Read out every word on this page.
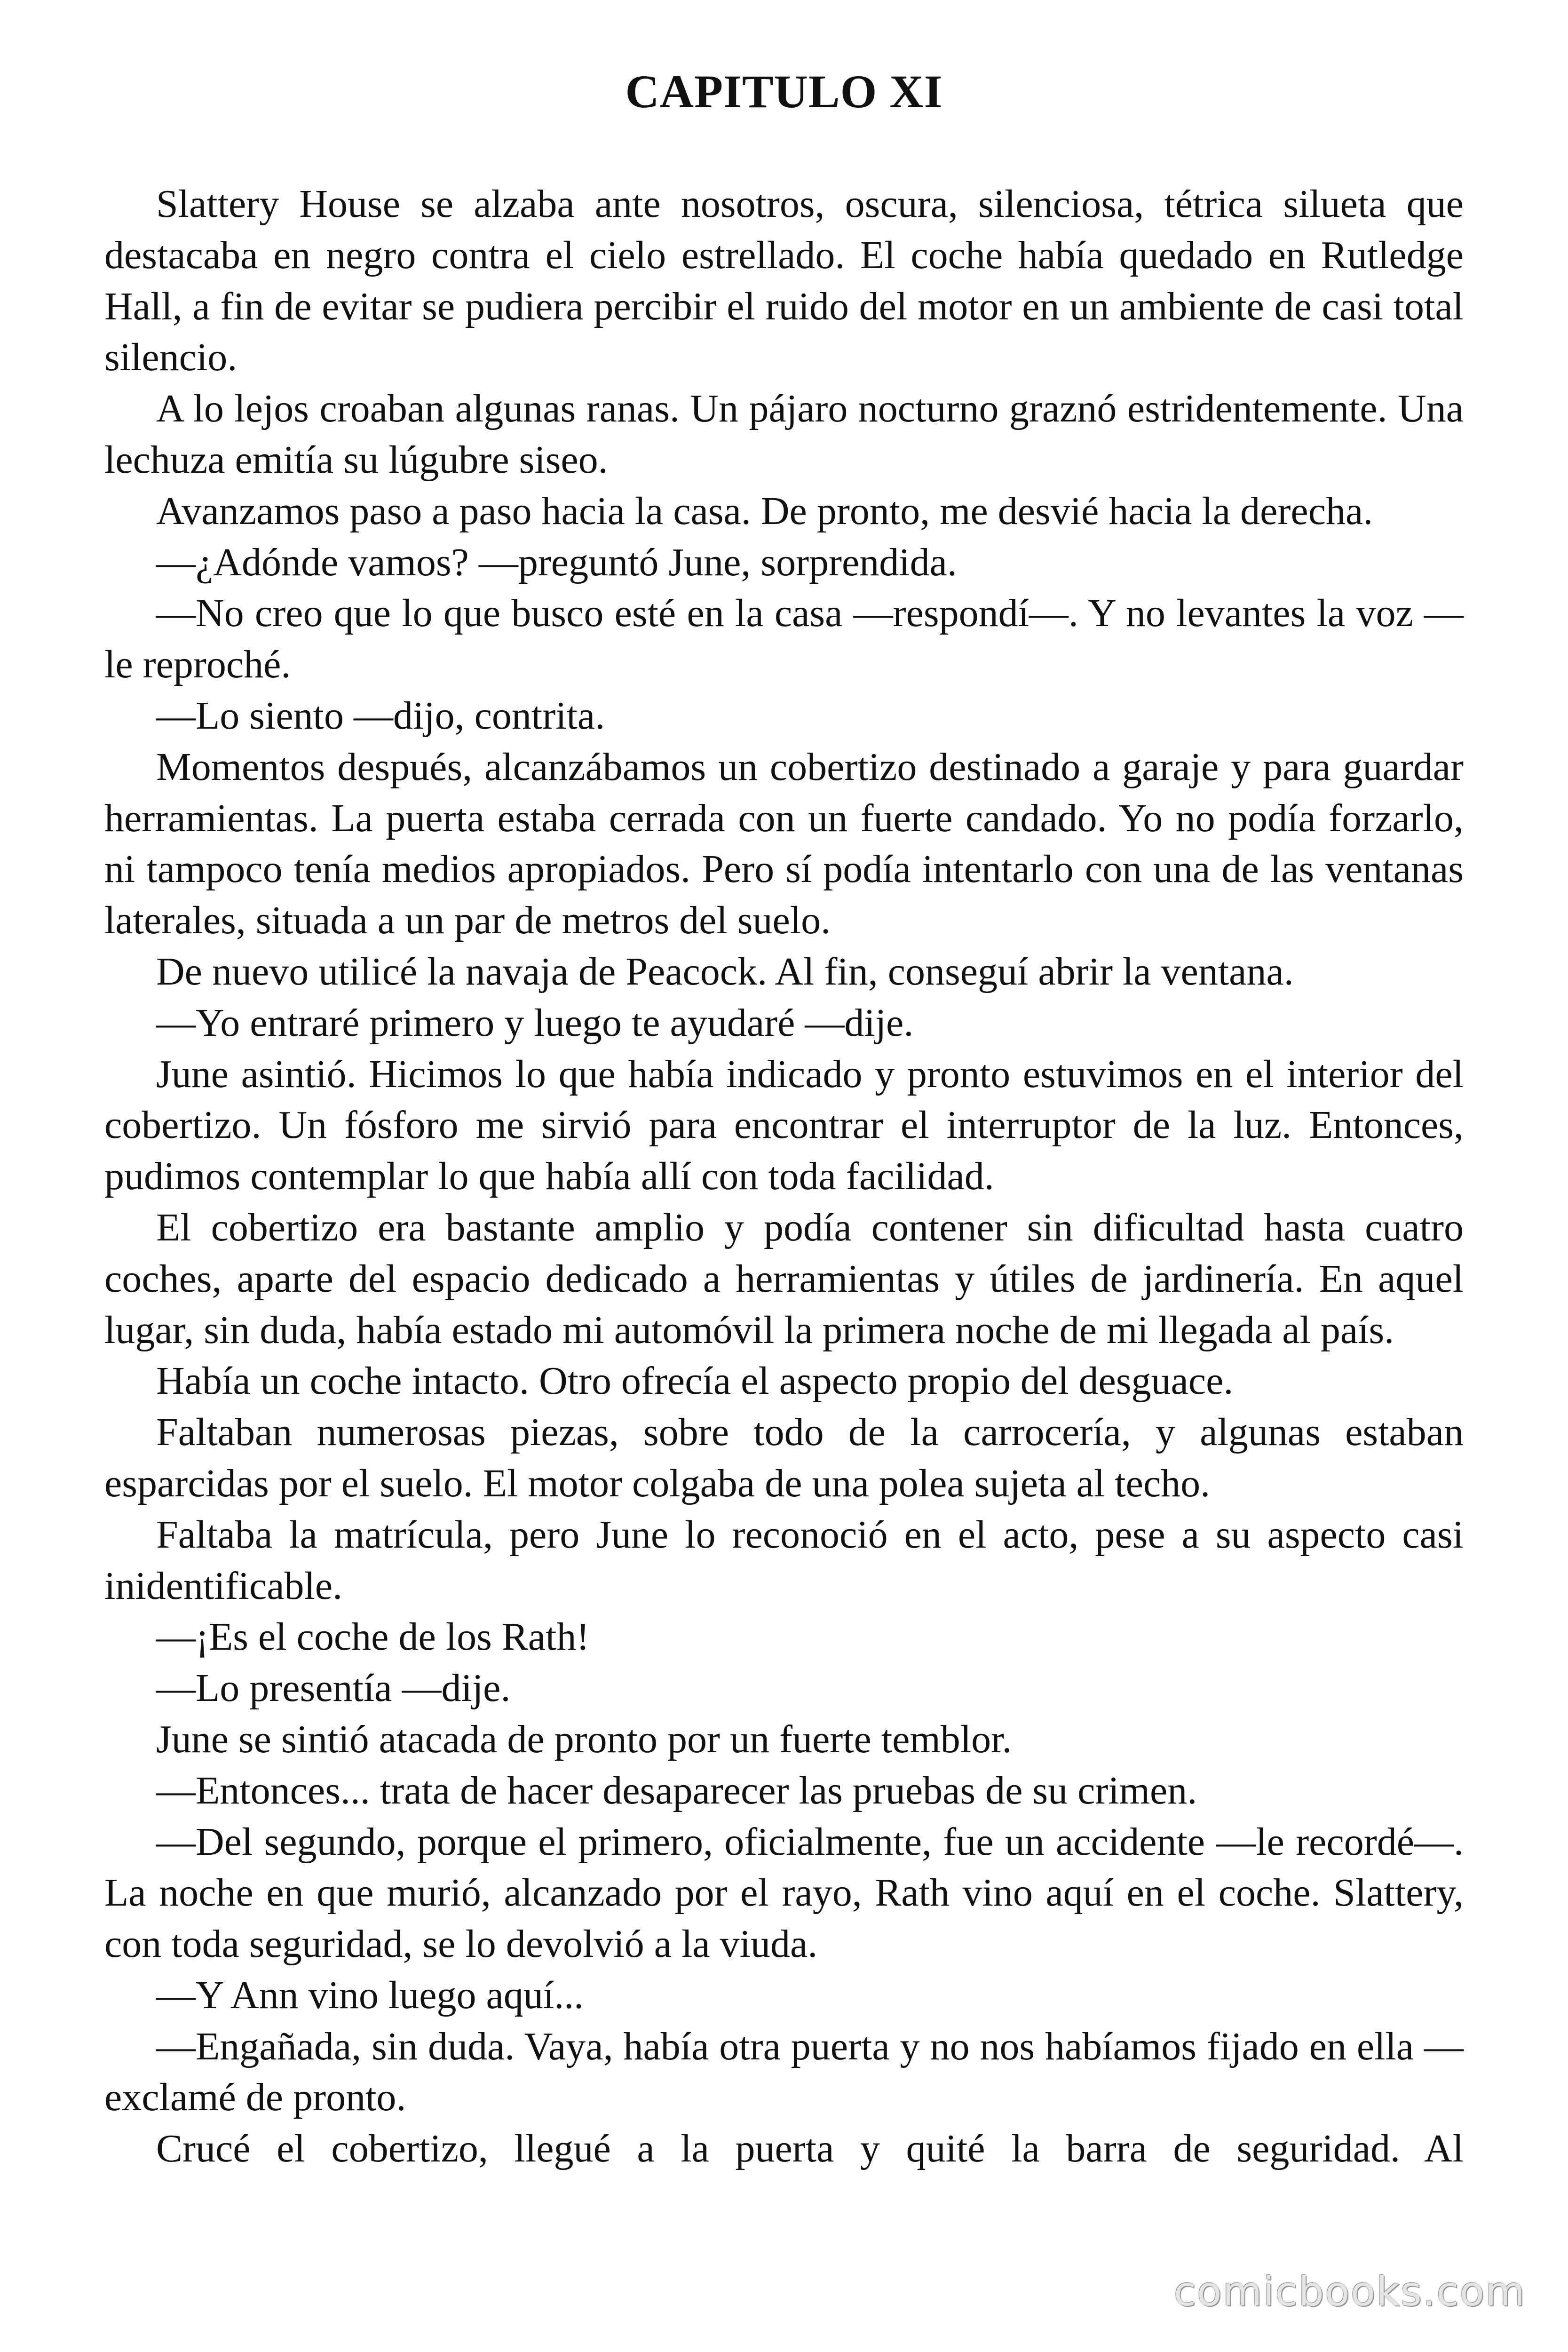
CAPITULO XI

Slattery House se alzaba ante nosotros, oscura, silenciosa, tétrica silueta que destacaba en negro contra el cielo estrellado. El coche había quedado en Rutledge Hall, a fin de evitar se pudiera percibir el ruido del motor en un ambiente de casi total silencio.

A lo lejos croaban algunas ranas. Un pájaro nocturno graznó estridentemente. Una lechuza emitía su lúgubre siseo.

Avanzamos paso a paso hacia la casa. De pronto, me desvié hacia la derecha.

—¿Adónde vamos? —preguntó June, sorprendida.

—No creo que lo que busco esté en la casa —respondí—. Y no levantes la voz —le reproché.

—Lo siento —dijo, contrita.

Momentos después, alcanzábamos un cobertizo destinado a garaje y para guardar herramientas. La puerta estaba cerrada con un fuerte candado. Yo no podía forzarlo, ni tampoco tenía medios apropiados. Pero sí podía intentarlo con una de las ventanas laterales, situada a un par de metros del suelo.

De nuevo utilicé la navaja de Peacock. Al fin, conseguí abrir la ventana.

—Yo entraré primero y luego te ayudaré —dije.

June asintió. Hicimos lo que había indicado y pronto estuvimos en el interior del cobertizo. Un fósforo me sirvió para encontrar el interruptor de la luz. Entonces, pudimos contemplar lo que había allí con toda facilidad.

El cobertizo era bastante amplio y podía contener sin dificultad hasta cuatro coches, aparte del espacio dedicado a herramientas y útiles de jardinería. En aquel lugar, sin duda, había estado mi automóvil la primera noche de mi llegada al país.

Había un coche intacto. Otro ofrecía el aspecto propio del desguace.

Faltaban numerosas piezas, sobre todo de la carrocería, y algunas estaban esparcidas por el suelo. El motor colgaba de una polea sujeta al techo.

Faltaba la matrícula, pero June lo reconoció en el acto, pese a su aspecto casi inidentificable.

—¡Es el coche de los Rath!

—Lo presentía —dije.

June se sintió atacada de pronto por un fuerte temblor.

—Entonces... trata de hacer desaparecer las pruebas de su crimen.

—Del segundo, porque el primero, oficialmente, fue un accidente —le recordé—. La noche en que murió, alcanzado por el rayo, Rath vino aquí en el coche. Slattery, con toda seguridad, se lo devolvió a la viuda.

—Y Ann vino luego aquí...

—Engañada, sin duda. Vaya, había otra puerta y no nos habíamos fijado en ella —exclamé de pronto.

Crucé el cobertizo, llegué a la puerta y quité la barra de seguridad. Al

comicbooks.com
